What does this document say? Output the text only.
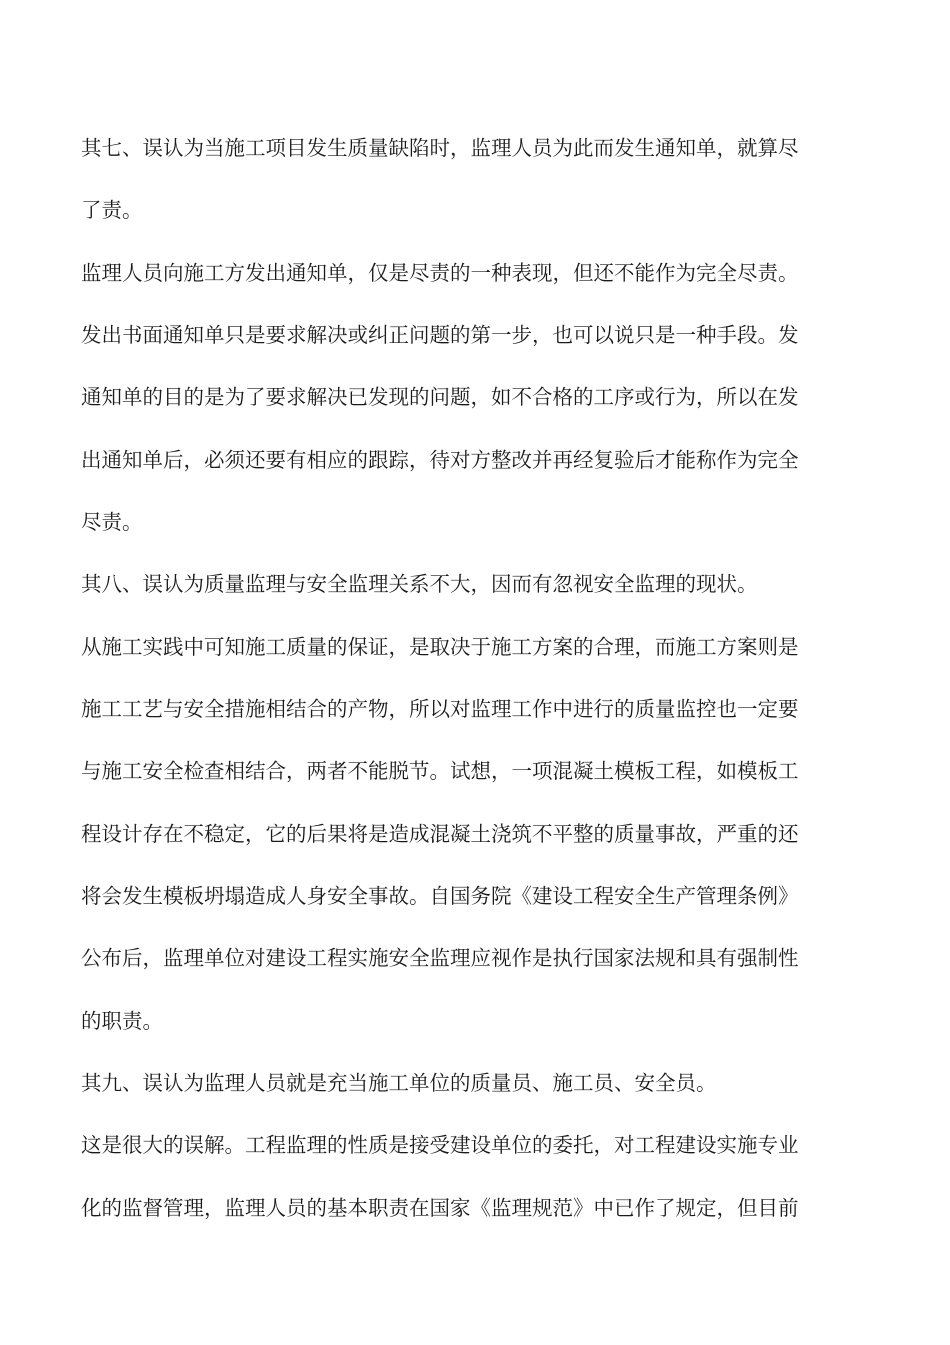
其七、误认为当施工项目发生质量缺陷时，监理人员为此而发生通知单，就算尽
了责。
监理人员向施工方发出通知单，仅是尽责的一种表现，但还不能作为完全尽责。
发出书面通知单只是要求解决或纠正问题的第一步，也可以说只是一种手段。发
通知单的目的是为了要求解决已发现的问题，如不合格的工序或行为，所以在发
出通知单后，必须还要有相应的跟踪，待对方整改并再经复验后才能称作为完全
尽责。
其八、误认为质量监理与安全监理关系不大，因而有忽视安全监理的现状。
从施工实践中可知施工质量的保证，是取决于施工方案的合理，而施工方案则是
施工工艺与安全措施相结合的产物，所以对监理工作中进行的质量监控也一定要
与施工安全检查相结合，两者不能脱节。试想，一项混凝土模板工程，如模板工
程设计存在不稳定，它的后果将是造成混凝土浇筑不平整的质量事故，严重的还
将会发生模板坍塌造成人身安全事故。自国务院《建设工程安全生产管理条例》
公布后，监理单位对建设工程实施安全监理应视作是执行国家法规和具有强制性
的职责。
其九、误认为监理人员就是充当施工单位的质量员、施工员、安全员。
这是很大的误解。工程监理的性质是接受建设单位的委托，对工程建设实施专业
化的监督管理，监理人员的基本职责在国家《监理规范》中已作了规定，但目前
